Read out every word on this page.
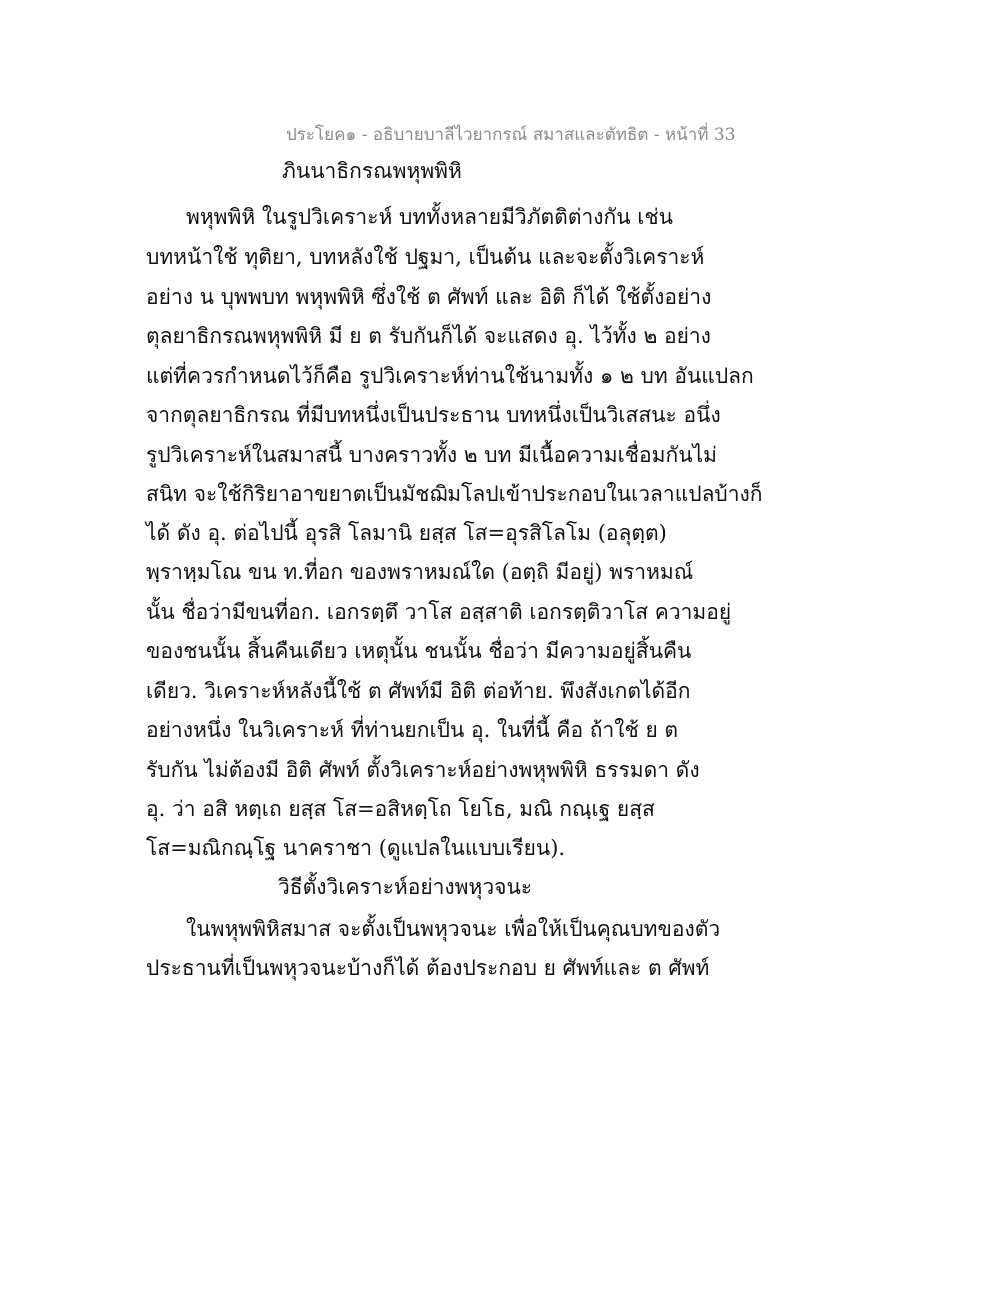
ประโยค๑ - อธิบายบาลีไวยากรณ์ สมาสและตัทธิต - หน้าที่ 33
ภินนาธิกรณพหุพพิหิ
พหุพพิหิ ในรูปวิเคราะห์ บททั้งหลายมีวิภัตติต่างกัน เช่น
บทหน้าใช้ ทุติยา, บทหลังใช้ ปฐมา, เป็นต้น และจะตั้งวิเคราะห์
อย่าง น บุพพบท พหุพพิหิ ซึ่งใช้ ต ศัพท์ และ อิติ ก็ได้ ใช้ตั้งอย่าง
ตุลยาธิกรณพหุพพิหิ มี ย ต รับกันก็ได้ จะแสดง อุ. ไว้ทั้ง ๒ อย่าง
แต่ที่ควรกำหนดไว้ก็คือ รูปวิเคราะห์ท่านใช้นามทั้ง ๑ ๒ บท อันแปลก
จากตุลยาธิกรณ ที่มีบทหนึ่งเป็นประธาน บทหนึ่งเป็นวิเสสนะ อนึ่ง
รูปวิเคราะห์ในสมาสนี้ บางคราวทั้ง ๒ บท มีเนื้อความเชื่อมกันไม่
สนิท จะใช้กิริยาอาขยาตเป็นมัชฌิมโลปเข้าประกอบในเวลาแปลบ้างก็
ได้ ดัง อุ. ต่อไปนี้ อุรสิ โลมานิ ยสฺส โส=อุรสิโลโม (อลุตฺต)
พฺราหฺมโณ ขน ท.ที่อก ของพราหมณ์ใด (อตฺถิ มีอยู่) พราหมณ์
นั้น ชื่อว่ามีขนที่อก. เอกรตฺตึ วาโส อสฺสาติ เอกรตฺติวาโส ความอยู่
ของชนนั้น สิ้นคืนเดียว เหตุนั้น ชนนั้น ชื่อว่า มีความอยู่สิ้นคืน
เดียว. วิเคราะห์หลังนี้ใช้ ต ศัพท์มี อิติ ต่อท้าย. พึงสังเกตได้อีก
อย่างหนึ่ง ในวิเคราะห์ ที่ท่านยกเป็น อุ. ในที่นี้ คือ ถ้าใช้ ย ต
รับกัน ไม่ต้องมี อิติ ศัพท์ ตั้งวิเคราะห์อย่างพหุพพิหิ ธรรมดา ดัง
อุ. ว่า อสิ หตฺเถ ยสฺส โส=อสิหตฺโถ โยโธ, มณิ กณฺเฐ ยสฺส
โส=มณิกณฺโฐ นาคราชา (ดูแปลในแบบเรียน).
วิธีตั้งวิเคราะห์อย่างพหุวจนะ
ในพหุพพิหิสมาส จะตั้งเป็นพหุวจนะ เพื่อให้เป็นคุณบทของตัว
ประธานที่เป็นพหุวจนะบ้างก็ได้ ต้องประกอบ ย ศัพท์และ ต ศัพท์
